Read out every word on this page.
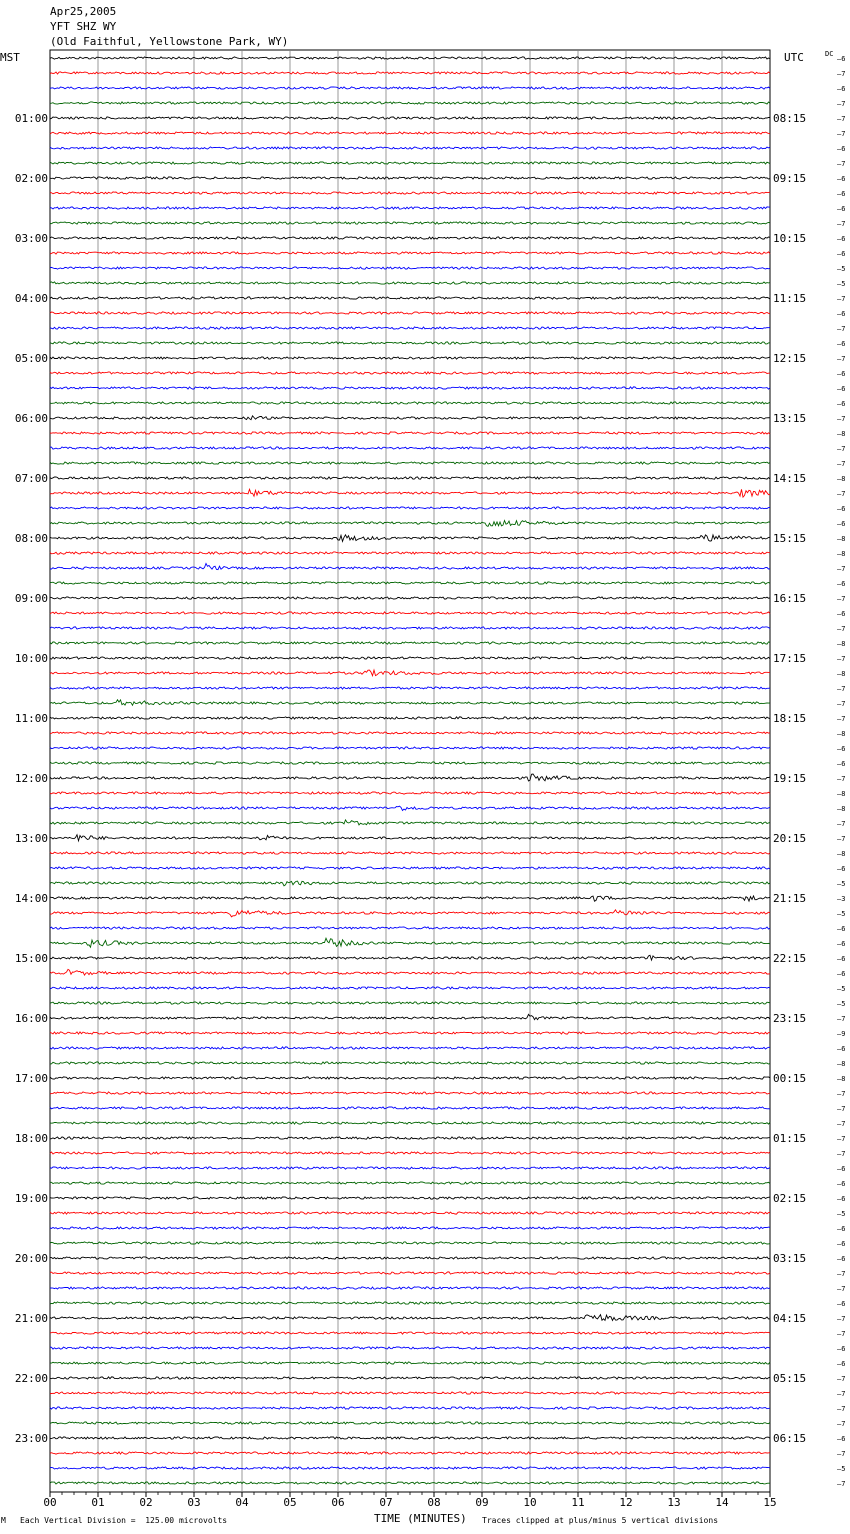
Apr25,2005
YFT SHZ WY
(Old Faithful, Yellowstone Park, WY)
MST	UTC
00	01	02	03	04	05	06	07	08	09	10	11	12	13	14	15
–6
–7
–6
–7
–7
–7
–6
–7
–6
–6
–6
–7
–6
–6
–5
–5
–7
–6
–7
–6
–7
–6
–6
–6
–7
–8
–7
–7
–8
–7
–6
–6
–8
–8
–7
–6
–7
–6
–7
–8
–7
–8
–7
–7
–7
–8
–6
–6
–7
–8
–8
–7
–7
–8
–6
–5
–3
–5
–6
–6
–6
–6
–5
–5
–7
–9
–6
–8
–8
–7
–7
–7
–7
–7
–6
–6
–6
–5
–6
–6
–6
–7
–7
–6
–7
–7
–6
–6
–7
–7
–7
–7
–6
–7
–5
–7
01:00
02:00
03:00
04:00
05:00
06:00
07:00
08:00
09:00
10:00
11:00
12:00
13:00
14:00
15:00
16:00
17:00
18:00
19:00
20:00
21:00
22:00
23:00
08:15
09:15
10:15
11:15
12:15
13:15
14:15
15:15
16:15
17:15
18:15
19:15
20:15
21:15
22:15
23:15
00:15
01:15
02:15
03:15
04:15
05:15
06:15
DC
M Each Vertical Division =  125.00 microvolts	TIME (MINUTES) Traces clipped at plus/minus 5 vertical divisions
